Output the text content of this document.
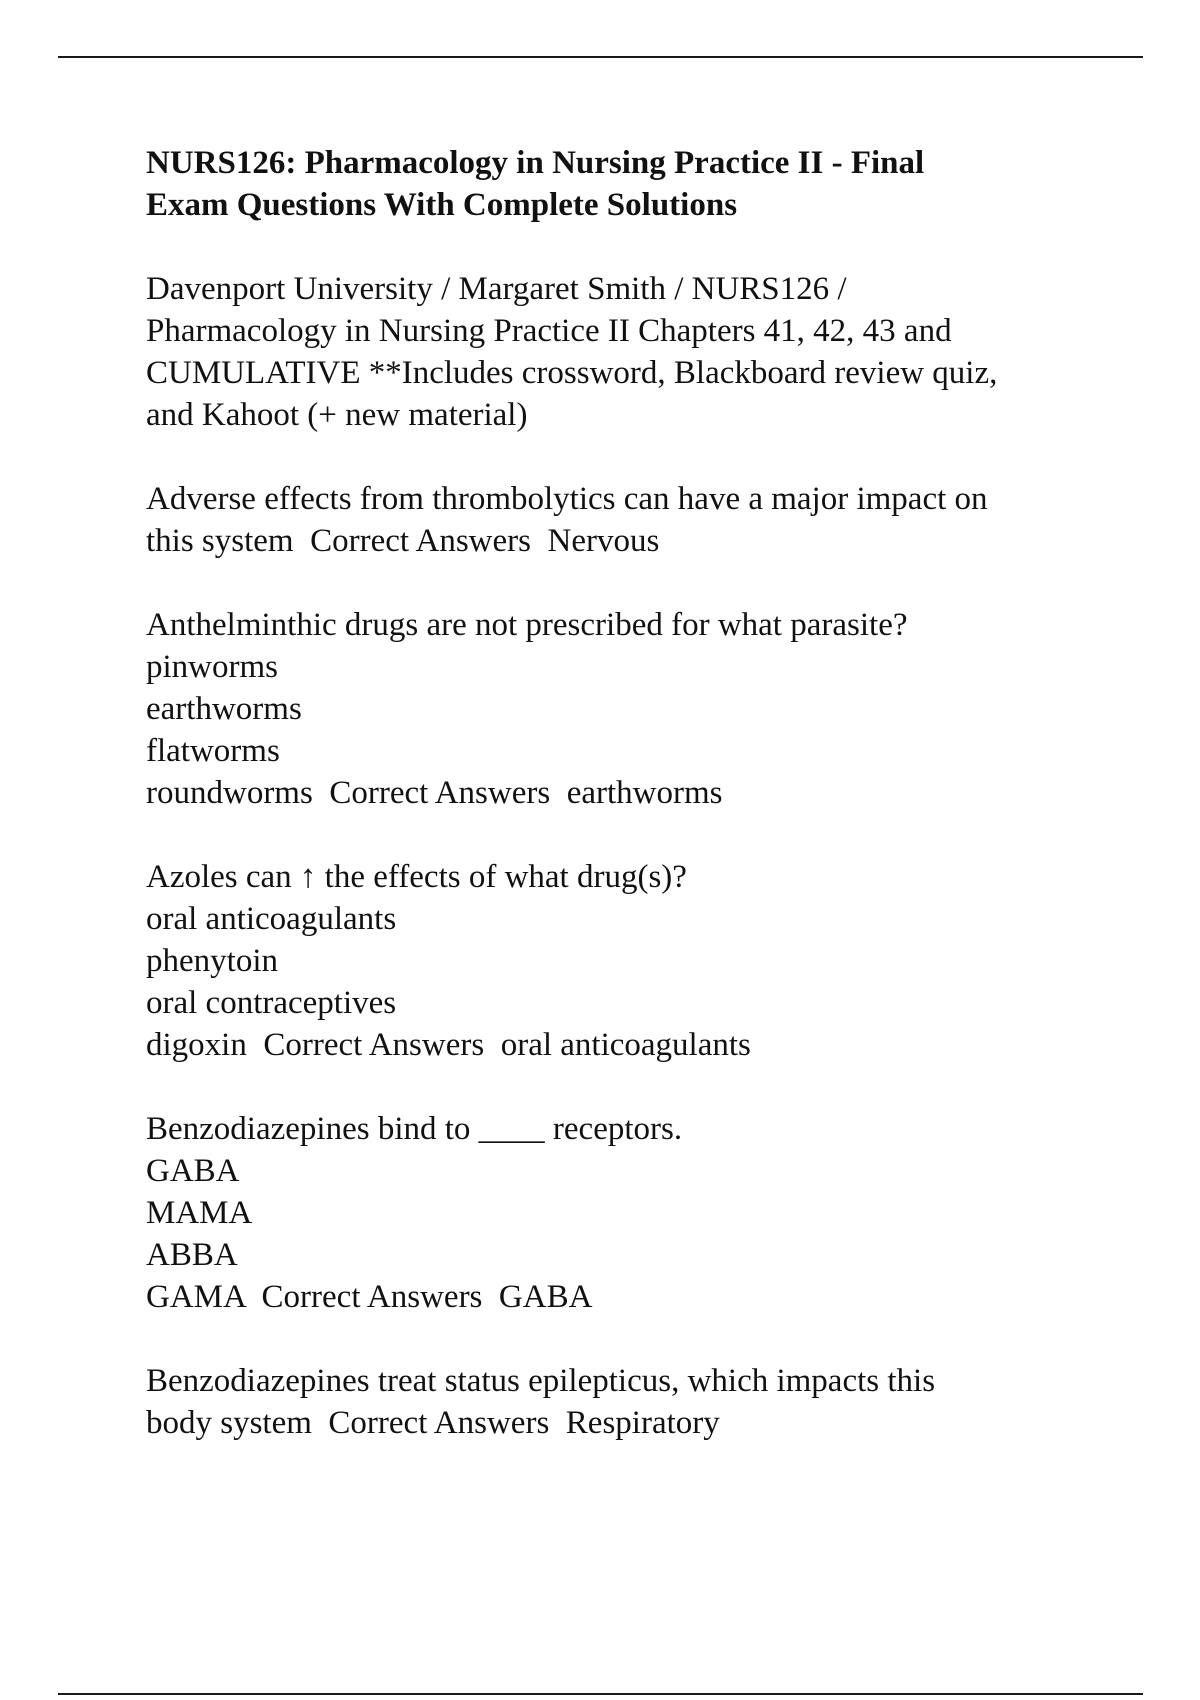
NURS126: Pharmacology in Nursing Practice II - Final
Exam Questions With Complete Solutions
Davenport University / Margaret Smith / NURS126 /
Pharmacology in Nursing Practice II Chapters 41, 42, 43 and
CUMULATIVE **Includes crossword, Blackboard review quiz,
and Kahoot (+ new material)
Adverse effects from thrombolytics can have a major impact on
this system Correct Answers Nervous
Anthelminthic drugs are not prescribed for what parasite?
pinworms
earthworms
flatworms
roundworms Correct Answers earthworms
Azoles can ↑ the effects of what drug(s)?
oral anticoagulants
phenytoin
oral contraceptives
digoxin Correct Answers oral anticoagulants
Benzodiazepines bind to ____ receptors.
GABA
MAMA
ABBA
GAMA Correct Answers GABA
Benzodiazepines treat status epilepticus, which impacts this
body system Correct Answers Respiratory
